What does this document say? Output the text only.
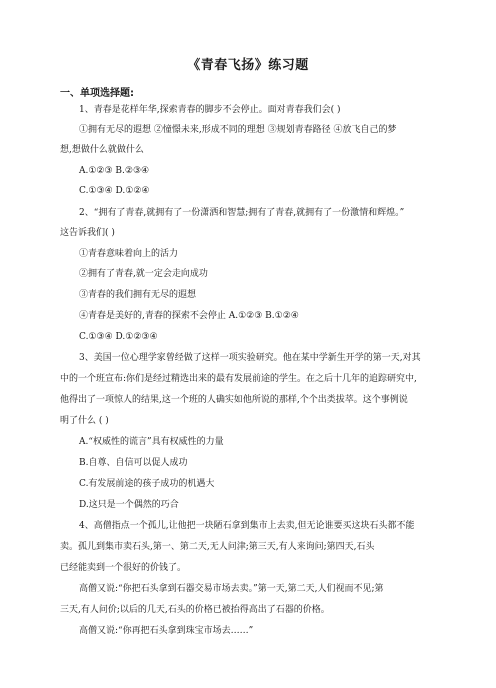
《青春飞扬》练习题
一、单项选择题:
1、青春是花样年华,探索青春的脚步不会停止。面对青春我们会( )
①拥有无尽的遐想 ②憧憬未来,形成不同的理想 ③规划青春路径 ④放飞自己的梦
想,想做什么就做什么
A.①②③ B.②③④
C.①③④ D.①②④
2、“拥有了青春,就拥有了一份潇洒和智慧;拥有了青春,就拥有了一份激情和辉煌。”
这告诉我们( )
①青春意味着向上的活力
②拥有了青春,就一定会走向成功
③青春的我们拥有无尽的遐想
④青春是美好的,青春的探索不会停止 A.①②③ B.①②④
C.①③④ D.①②③④
3、美国一位心理学家曾经做了这样一项实验研究。他在某中学新生开学的第一天,对其
中的一个班宣布:你们是经过精选出来的最有发展前途的学生。在之后十几年的追踪研究中,
他得出了一项惊人的结果,这一个班的人确实如他所说的那样,个个出类拔萃。这个事例说
明了什么 ( )
A.“权威性的谎言”具有权威性的力量
B.自尊、自信可以促人成功
C.有发展前途的孩子成功的机遇大
D.这只是一个偶然的巧合
4、高僧指点一个孤儿,让他把一块陋石拿到集市上去卖,但无论谁要买这块石头都不能
卖。孤儿到集市卖石头,第一、第二天,无人问津;第三天,有人来询问;第四天,石头
已经能卖到一个很好的价钱了。
高僧又说:“你把石头拿到石器交易市场去卖。”第一天,第二天,人们视而不见;第
三天,有人问价;以后的几天,石头的价格已被抬得高出了石器的价格。
高僧又说:“你再把石头拿到珠宝市场去……”
